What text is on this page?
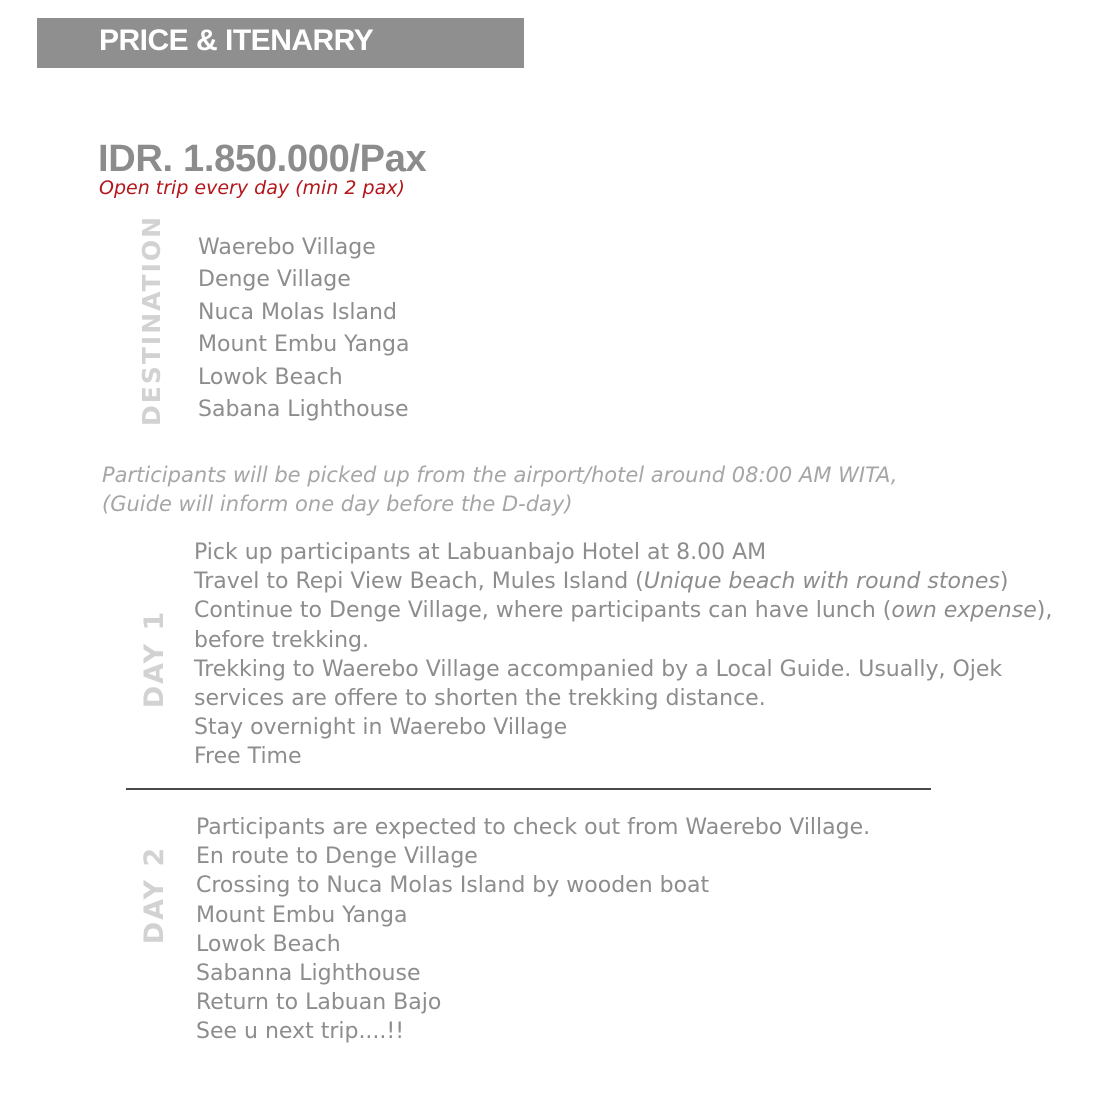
PRICE & ITENARRY
IDR. 1.850.000/Pax
Open trip every day (min 2 pax)
DESTINATION	Waerebo Village
Denge Village
Nuca Molas Island
Mount Embu Yanga
Lowok Beach
Sabana Lighthouse
Participants will be picked up from the airport/hotel around 08:00 AM WITA,
(Guide will inform one day before the D-day)
DAY 1
Pick up participants at Labuanbajo Hotel at 8.00 AM
Travel to Repi View Beach, Mules Island (Unique beach with round stones)
Continue to Denge Village, where participants can have lunch (own expense),
before trekking.
Trekking to Waerebo Village accompanied by a Local Guide. Usually, Ojek
services are offere to shorten the trekking distance.
Stay overnight in Waerebo Village
Free Time
DAY 2
Participants are expected to check out from Waerebo Village.
En route to Denge Village
Crossing to Nuca Molas Island by wooden boat
Mount Embu Yanga
Lowok Beach
Sabanna Lighthouse
Return to Labuan Bajo
See u next trip....!!
